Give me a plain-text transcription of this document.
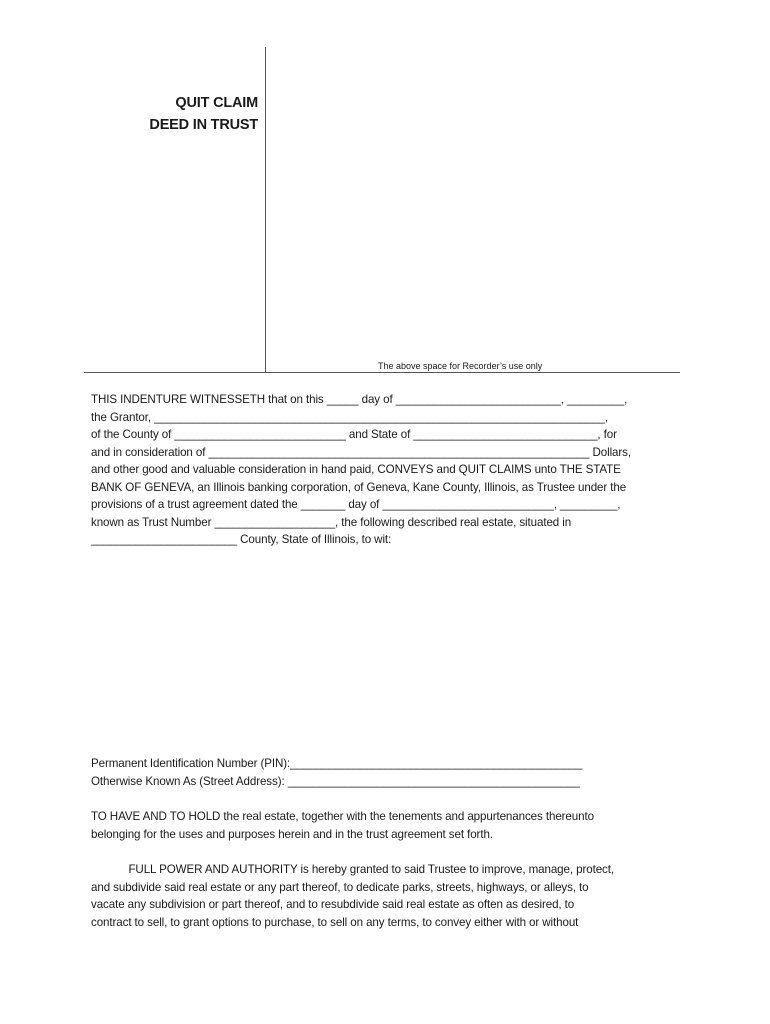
QUIT CLAIM
DEED IN TRUST
The above space for Recorder’s use only
THIS INDENTURE WITNESSETH that on this _____ day of __________________________, _________,
the Grantor, _______________________________________________________________________,
of the County of ___________________________ and State of _____________________________, for
and in consideration of ____________________________________________________________ Dollars,
and other good and valuable consideration in hand paid, CONVEYS and QUIT CLAIMS unto THE STATE
BANK OF GENEVA, an Illinois banking corporation, of Geneva, Kane County, Illinois, as Trustee under the
provisions of a trust agreement dated the _______ day of ___________________________, _________,
known as Trust Number ___________________, the following described real estate, situated in
_______________________ County, State of Illinois, to wit:
Permanent Identification Number (PIN):______________________________________________
Otherwise Known As (Street Address): ______________________________________________
TO HAVE AND TO HOLD the real estate, together with the tenements and appurtenances thereunto
belonging for the uses and purposes herein and in the trust agreement set forth.
FULL POWER AND AUTHORITY is hereby granted to said Trustee to improve, manage, protect,
and subdivide said real estate or any part thereof, to dedicate parks, streets, highways, or alleys, to
vacate any subdivision or part thereof, and to resubdivide said real estate as often as desired, to
contract to sell, to grant options to purchase, to sell on any terms, to convey either with or without
